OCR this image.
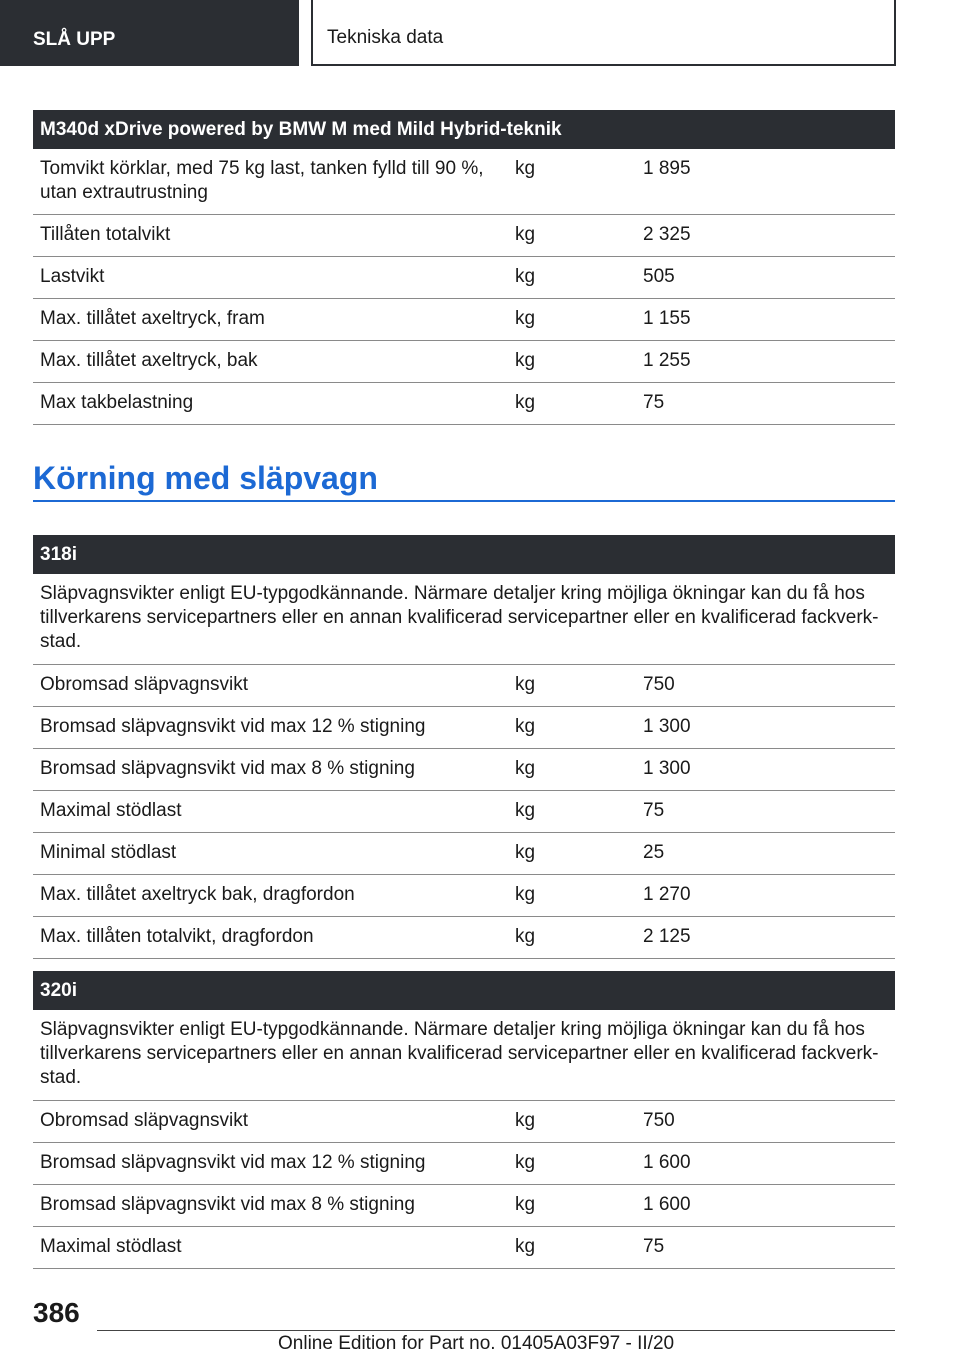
SLÅ UPP	Tekniska data
M340d xDrive powered by BMW M med Mild Hybrid-teknik		
Tomvikt körklar, med 75 kg last, tanken fylld till 90 %, utan extrautrustning	kg	1 895
Tillåten totalvikt	kg	2 325
Lastvikt	kg	505
Max. tillåtet axeltryck, fram	kg	1 155
Max. tillåtet axeltryck, bak	kg	1 255
Max takbelastning	kg	75
Körning med släpvagn
318i		
Släpvagnsvikter enligt EU-typgodkännande. Närmare detaljer kring möjliga ökningar kan du få hos tillverkarens servicepartners eller en annan kvalificerad servicepartner eller en kvalificerad fackverkstad.		
Obromsad släpvagnsvikt	kg	750
Bromsad släpvagnsvikt vid max 12 % stigning	kg	1 300
Bromsad släpvagnsvikt vid max 8 % stigning	kg	1 300
Maximal stödlast	kg	75
Minimal stödlast	kg	25
Max. tillåtet axeltryck bak, dragfordon	kg	1 270
Max. tillåten totalvikt, dragfordon	kg	2 125
320i		
Släpvagnsvikter enligt EU-typgodkännande. Närmare detaljer kring möjliga ökningar kan du få hos tillverkarens servicepartners eller en annan kvalificerad servicepartner eller en kvalificerad fackverkstad.		
Obromsad släpvagnsvikt	kg	750
Bromsad släpvagnsvikt vid max 12 % stigning	kg	1 600
Bromsad släpvagnsvikt vid max 8 % stigning	kg	1 600
Maximal stödlast	kg	75
386
Online Edition for Part no. 01405A03F97 - II/20
